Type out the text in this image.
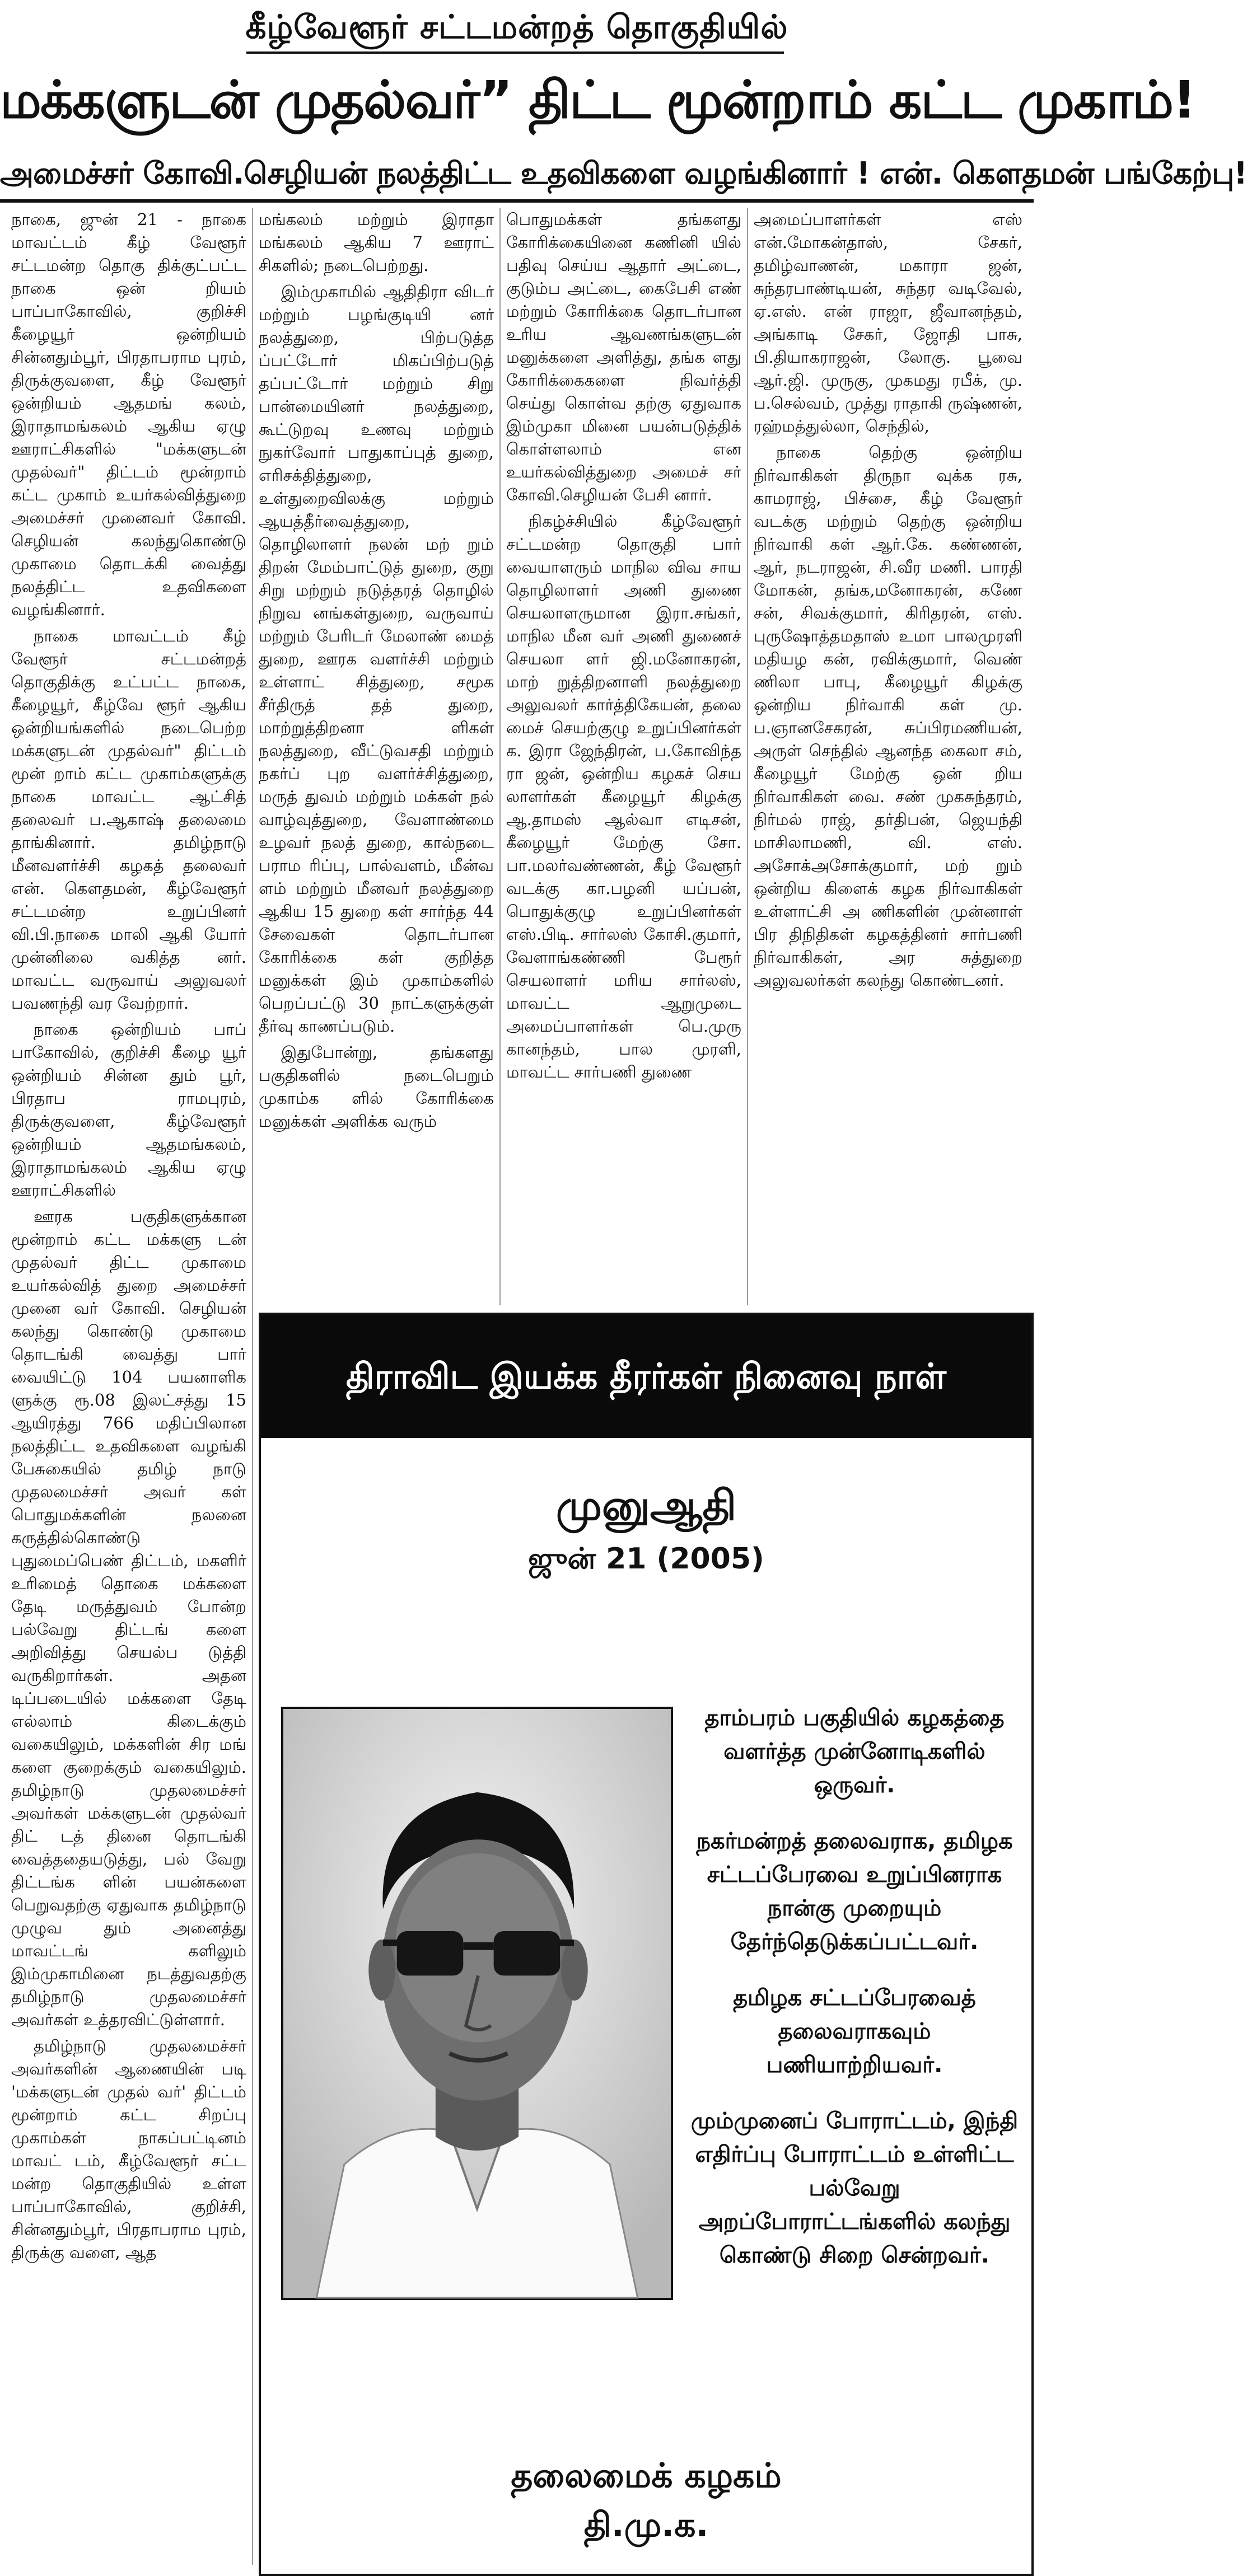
கீழ்வேளூர் சட்டமன்றத் தொகுதியில்
மக்களுடன் முதல்வர்” திட்ட மூன்றாம் கட்ட முகாம்!
அமைச்சர் கோவி.செழியன் நலத்திட்ட உதவிகளை வழங்கினார் ! என். கௌதமன் பங்கேற்பு!

நாகை, ஜுன் 21 - நாகை மாவட்டம் கீழ் வேளூர் சட்டமன்ற தொகு திக்குட்பட்ட நாகை ஒன் றியம் பாப்பாகோவில், குறிச்சி கீழையூர் ஒன்றியம் சின்னதும்பூர், பிரதாபராம புரம், திருக்குவளை, கீழ் வேளூர் ஒன்றியம் ஆதமங் கலம், இராதாமங்கலம் ஆகிய ஏழு ஊராட்சிகளில் "மக்களுடன் முதல்வர்" திட்டம் மூன்றாம் கட்ட முகாம் உயர்கல்வித்துறை அமைச்சர் முனைவர் கோவி. செழியன் கலந்துகொண்டு முகாமை தொடக்கி வைத்து நலத்திட்ட உதவிகளை வழங்கினார்.

நாகை மாவட்டம் கீழ் வேளூர் சட்டமன்றத் தொகுதிக்கு உட்பட்ட நாகை, கீழையூர், கீழ்வே ளூர் ஆகிய ஒன்றியங்களில் நடைபெற்ற மக்களுடன் முதல்வர்" திட்டம் மூன் றாம் கட்ட முகாம்களுக்கு நாகை மாவட்ட ஆட்சித் தலைவர் ப.ஆகாஷ் தலைமை தாங்கினார். தமிழ்நாடு மீனவளர்ச்சி கழகத் தலைவர் என். கௌதமன், கீழ்வேளூர் சட்டமன்ற உறுப்பினர் வி.பி.நாகை மாலி ஆகி யோர் முன்னிலை வகித்த னர். மாவட்ட வருவாய் அலுவலர் பவணந்தி வர வேற்றார்.

நாகை ஒன்றியம் பாப் பாகோவில், குறிச்சி கீழை யூர் ஒன்றியம் சின்ன தும் பூர், பிரதாப ராமபுரம், திருக்குவளை, கீழ்வேளூர் ஒன்றியம் ஆதமங்கலம், இராதாமங்கலம் ஆகிய ஏழு ஊராட்சிகளில்

ஊரக பகுதிகளுக்கான மூன்றாம் கட்ட மக்களு டன் முதல்வர் திட்ட முகாமை உயர்கல்வித் துறை அமைச்சர் முனை வர் கோவி. செழியன் கலந்து கொண்டு முகாமை தொடங்கி வைத்து பார் வையிட்டு 104 பயனாளிக ளுக்கு ரூ.08 இலட்சத்து 15 ஆயிரத்து 766 மதிப்பிலான நலத்திட்ட உதவிகளை வழங்கி பேசுகையில் தமிழ் நாடு முதலமைச்சர் அவர் கள் பொதுமக்களின் நலனை கருத்தில்கொண்டு புதுமைப்பெண் திட்டம், மகளிர் உரிமைத் தொகை மக்களை தேடி மருத்துவம் போன்ற பல்வேறு திட்டங் களை அறிவித்து செயல்ப டுத்தி வருகிறார்கள். அதன டிப்படையில் மக்களை தேடி எல்லாம் கிடைக்கும் வகையிலும், மக்களின் சிர மங் களை குறைக்கும் வகையிலும். தமிழ்நாடு முதலமைச்சர் அவர்கள் மக்களுடன் முதல்வர் திட் டத் தினை தொடங்கி வைத்ததையடுத்து, பல் வேறு திட்டங்க ளின் பயன்களை பெறுவதற்கு ஏதுவாக தமிழ்நாடு முழுவ தும் அனைத்து மாவட்டங் களிலும் இம்முகாமினை நடத்துவதற்கு தமிழ்நாடு முதலமைச்சர் அவர்கள் உத்தரவிட்டுள்ளார்.

தமிழ்நாடு முதலமைச்சர் அவர்களின் ஆணையின் படி 'மக்களுடன் முதல் வர்' திட்டம் மூன்றாம் கட்ட சிறப்பு முகாம்கள் நாகப்பட்டினம் மாவட் டம், கீழ்வேளூர் சட்ட மன்ற தொகுதியில் உள்ள பாப்பாகோவில், குறிச்சி, சின்னதும்பூர், பிரதாபராம புரம், திருக்கு வளை, ஆத

மங்கலம் மற்றும் இராதா மங்கலம் ஆகிய 7 ஊராட் சிகளில்; நடைபெற்றது.

இம்முகாமில் ஆதிதிரா விடர் மற்றும் பழங்குடியி னர் நலத்துறை, பிற்படுத்த ப்பட்டோர் மிகப்பிற்படுத் தப்பட்டோர் மற்றும் சிறு பான்மையினர் நலத்துறை, கூட்டுறவு உணவு மற்றும் நுகர்வோர் பாதுகாப்புத் துறை, எரிசக்தித்துறை, உள்துறைவிலக்கு மற்றும் ஆயத்தீர்வைத்துறை, தொழிலாளர் நலன் மற் றும் திறன் மேம்பாட்டுத் துறை, குறு சிறு மற்றும் நடுத்தரத் தொழில் நிறுவ னங்கள்துறை, வருவாய் மற்றும் பேரிடர் மேலாண் மைத் துறை, ஊரக வளர்ச்சி மற்றும் உள்ளாட் சித்துறை, சமூக சீர்திருத் தத் துறை, மாற்றுத்திறனா ளிகள் நலத்துறை, வீட்டுவசதி மற்றும் நகர்ப் புற வளர்ச்சித்துறை, மருத் துவம் மற்றும் மக்கள் நல் வாழ்வுத்துறை, வேளாண்மை உழவர் நலத் துறை, கால்நடை பராம ரிப்பு, பால்வளம், மீன்வ ளம் மற்றும் மீனவர் நலத்துறை ஆகிய 15 துறை கள் சார்ந்த 44 சேவைகள் தொடர்பான கோரிக்கை கள் குறித்த மனுக்கள் இம் முகாம்களில் பெறப்பட்டு 30 நாட்களுக்குள் தீர்வு காணப்படும்.

இதுபோன்று, தங்களது பகுதிகளில் நடைபெறும் முகாம்க ளில் கோரிக்கை மனுக்கள் அளிக்க வரும்

பொதுமக்கள் தங்களது கோரிக்கையினை கணினி யில் பதிவு செய்ய ஆதார் அட்டை, குடும்ப அட்டை, கைபேசி எண் மற்றும் கோரிக்கை தொடர்பான உரிய ஆவணங்களுடன் மனுக்களை அளித்து, தங்க ளது கோரிக்கைகளை நிவர்த்தி செய்து கொள்வ தற்கு ஏதுவாக இம்முகா மினை பயன்படுத்திக் கொள்ளலாம் என உயர்கல்வித்துறை அமைச் சர் கோவி.செழியன் பேசி னார்.

நிகழ்ச்சியில் கீழ்வேளூர் சட்டமன்ற தொகுதி பார் வையாளரும் மாநில விவ சாய தொழிலாளர் அணி துணை செயலாளருமான இரா.சங்கர், மாநில மீன வர் அணி துணைச் செயலா ளர் ஜி.மனோகரன், மாற் றுத்திறனாளி நலத்துறை அலுவலர் கார்த்திகேயன், தலை மைச் செயற்குழு உறுப்பினர்கள் க. இரா ஜேந்திரன், ப.கோவிந்த ரா ஜன், ஒன்றிய கழகச் செய லாளர்கள் கீழையூர் கிழக்கு ஆ.தாமஸ் ஆல்வா எடிசன், கீழையூர் மேற்கு சோ. பா.மலர்வண்ணன், கீழ் வேளூர் வடக்கு கா.பழனி யப்பன், பொதுக்குழு உறுப்பினர்கள் எஸ்.பிடி. சார்லஸ் கோசி.குமார், வேளாங்கண்ணி பேரூர் செயலாளர் மரிய சார்லஸ், மாவட்ட ஆறுமுடை அமைப்பாளர்கள் பெ.முரு கானந்தம், பால முரளி, மாவட்ட சார்பணி துணை

அமைப்பாளர்கள் எஸ் என்.மோகன்தாஸ், சேகர், தமிழ்வாணன், மகாரா ஜன், சுந்தரபாண்டியன், சுந்தர வடிவேல், ஏ.எஸ். என் ராஜா, ஜீவானந்தம், அங்காடி சேகர், ஜோதி பாசு, பி.தியாகராஜன், லோகு. பூவை ஆர்.ஜி. முருகு, முகமது ரபீக், மு. ப.செல்வம், முத்து ராதாகி ருஷ்ணன், ரஹ்மத்துல்லா, செந்தில்,

நாகை தெற்கு ஒன்றிய நிர்வாகிகள் திருநா வுக்க ரசு, காமராஜ், பிச்சை, கீழ் வேளூர் வடக்கு மற்றும் தெற்கு ஒன்றிய நிர்வாகி கள் ஆர்.கே. கண்ணன், ஆர், நடராஜன், சி.வீர மணி. பாரதி மோகன், தங்க,மனோகரன், கணே சன், சிவக்குமார், கிரிதரன், எஸ். புருஷோத்தமதாஸ் உமா பாலமுரளி மதியழ கன், ரவிக்குமார், வெண் ணிலா பாபு, கீழையூர் கிழக்கு ஒன்றிய நிர்வாகி கள் மு. ப.ஞானசேகரன், சுப்பிரமணியன், அருள் செந்தில் ஆனந்த கைலா சம், கீழையூர் மேற்கு ஒன் றிய நிர்வாகிகள் வை. சண் முகசுந்தரம், நிர்மல் ராஜ், தர்திபன், ஜெயந்தி மாசிலாமணி, வி. எஸ். அசோக்அசோக்குமார், மற் றும் ஒன்றிய கிளைக் கழக நிர்வாகிகள் உள்ளாட்சி அ ணிகளின் முன்னாள் பிர திநிதிகள் கழகத்தினர் சார்பணி நிர்வாகிகள், அர சுத்துறை அலுவலர்கள் கலந்து கொண்டனர்.

திராவிட இயக்க தீரர்கள் நினைவு நாள்
முனுஆதி
ஜுன் 21 (2005)

தாம்பரம் பகுதியில் கழகத்தை வளர்த்த முன்னோடிகளில் ஒருவர்.

நகர்மன்றத் தலைவராக, தமிழக சட்டப்பேரவை உறுப்பினராக நான்கு முறையும் தேர்ந்தெடுக்கப்பட்டவர்.

தமிழக சட்டப்பேரவைத் தலைவராகவும் பணியாற்றியவர்.

மும்முனைப் போராட்டம், இந்தி எதிர்ப்பு போராட்டம் உள்ளிட்ட பல்வேறு அறப்போராட்டங்களில் கலந்து கொண்டு சிறை சென்றவர்.

தலைமைக் கழகம்
தி.மு.க.
